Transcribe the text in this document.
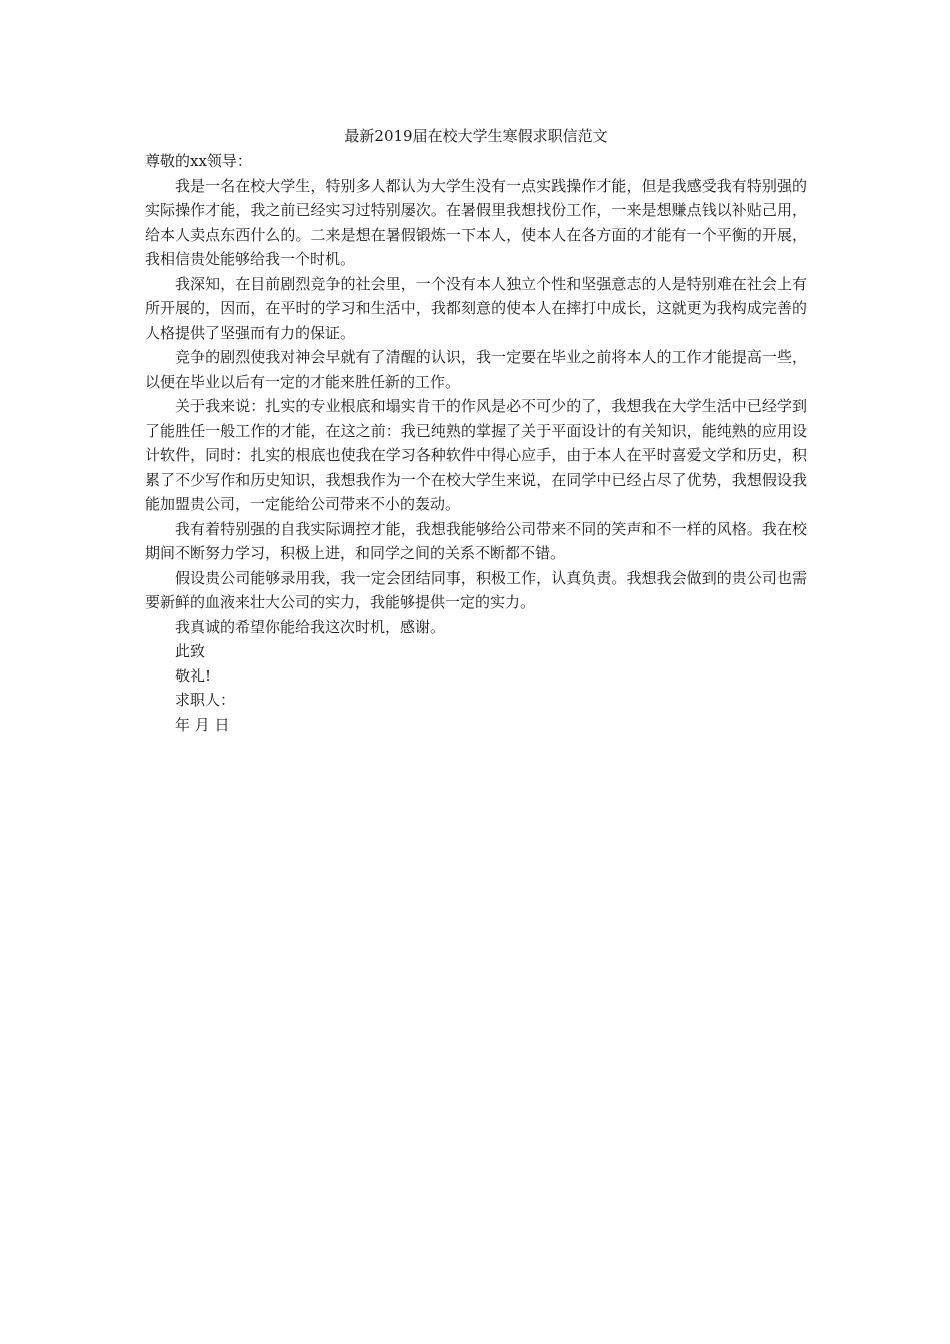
最新2019届在校大学生寒假求职信范文

尊敬的xx领导：

我是一名在校大学生，特别多人都认为大学生没有一点实践操作才能，但是我感受我有特别强的实际操作才能，我之前已经实习过特别屡次。在暑假里我想找份工作，一来是想赚点钱以补贴己用，给本人卖点东西什么的。二来是想在暑假锻炼一下本人，使本人在各方面的才能有一个平衡的开展，我相信贵处能够给我一个时机。

我深知，在目前剧烈竞争的社会里，一个没有本人独立个性和坚强意志的人是特别难在社会上有所开展的，因而，在平时的学习和生活中，我都刻意的使本人在摔打中成长，这就更为我构成完善的人格提供了坚强而有力的保证。

竞争的剧烈使我对神会早就有了清醒的认识，我一定要在毕业之前将本人的工作才能提高一些，以便在毕业以后有一定的才能来胜任新的工作。

关于我来说：扎实的专业根底和塌实肯干的作风是必不可少的了，我想我在大学生活中已经学到了能胜任一般工作的才能，在这之前：我已纯熟的掌握了关于平面设计的有关知识，能纯熟的应用设计软件，同时：扎实的根底也使我在学习各种软件中得心应手，由于本人在平时喜爱文学和历史，积累了不少写作和历史知识，我想我作为一个在校大学生来说，在同学中已经占尽了优势，我想假设我能加盟贵公司，一定能给公司带来不小的轰动。

我有着特别强的自我实际调控才能，我想我能够给公司带来不同的笑声和不一样的风格。我在校期间不断努力学习，积极上进，和同学之间的关系不断都不错。

假设贵公司能够录用我，我一定会团结同事，积极工作，认真负责。我想我会做到的贵公司也需要新鲜的血液来壮大公司的实力，我能够提供一定的实力。

我真诚的希望你能给我这次时机，感谢。

此致

敬礼!

求职人：

年 月 日
